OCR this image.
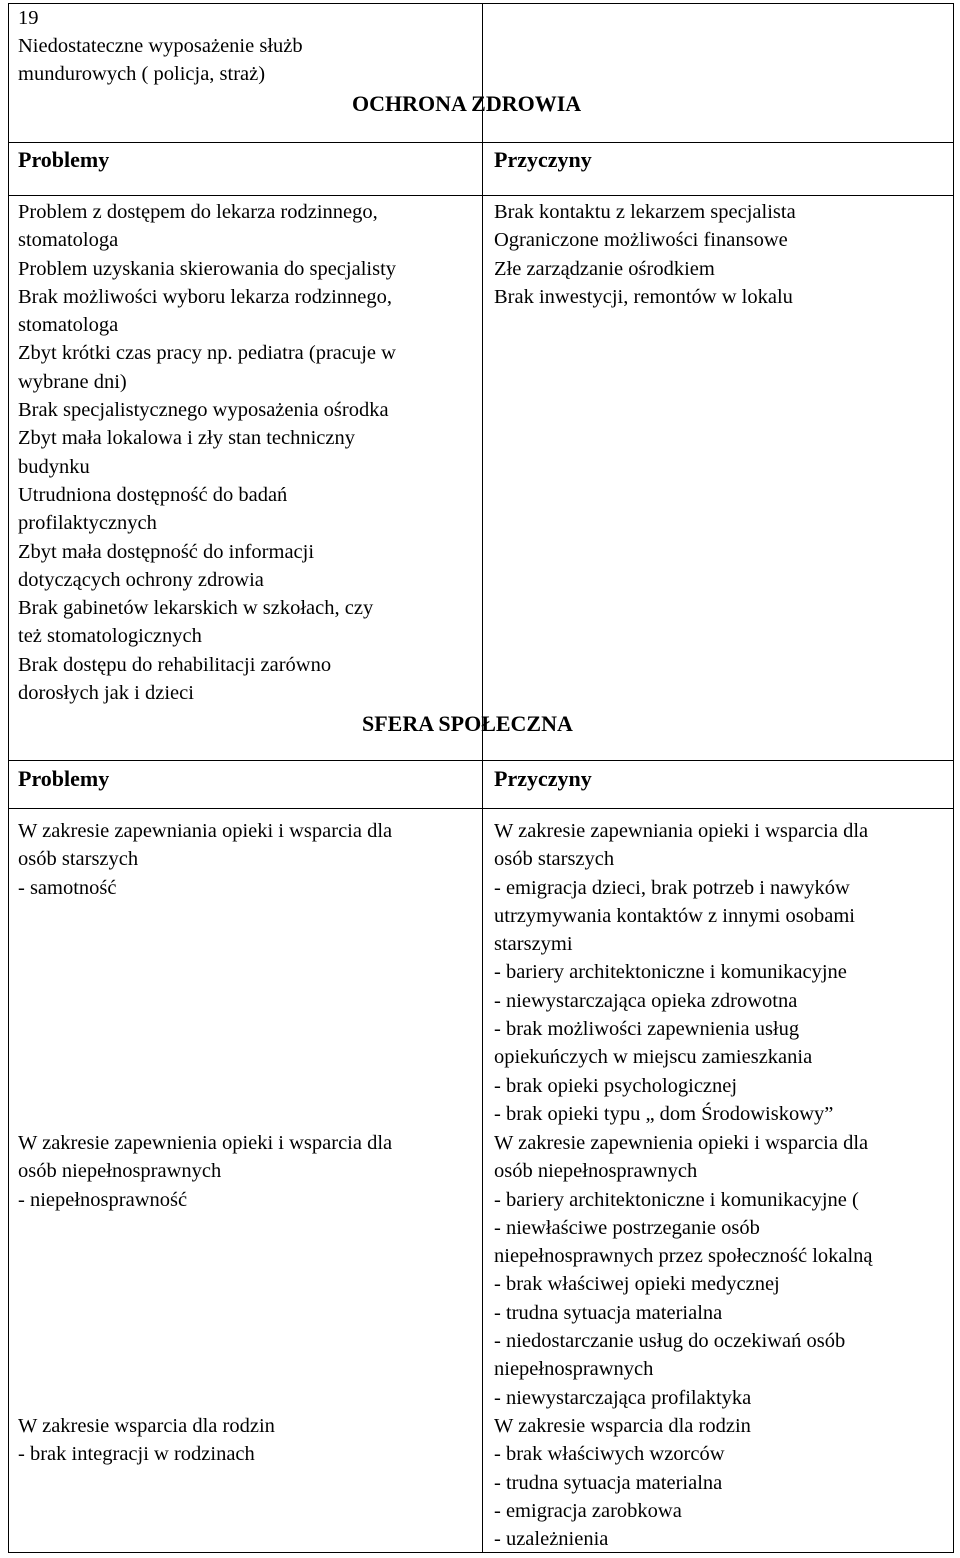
19
Niedostateczne wyposażenie służb
mundurowych ( policja, straż)
OCHRONA ZDROWIA
Problemy	Przyczyny
Problem z dostępem do lekarza rodzinnego,
stomatologa
Problem uzyskania skierowania do specjalisty
Brak możliwości wyboru lekarza rodzinnego,
stomatologa
Zbyt krótki czas pracy np. pediatra (pracuje w
wybrane dni)
Brak specjalistycznego wyposażenia ośrodka
Zbyt mała lokalowa i zły stan techniczny
budynku
Utrudniona dostępność do badań
profilaktycznych
Zbyt mała dostępność do informacji
dotyczących ochrony zdrowia
Brak gabinetów lekarskich w szkołach, czy
też stomatologicznych
Brak dostępu do rehabilitacji zarówno
dorosłych jak i dzieci
Brak kontaktu z lekarzem specjalista
Ograniczone możliwości finansowe
Złe zarządzanie ośrodkiem
Brak inwestycji, remontów w lokalu
SFERA SPOŁECZNA
Problemy	Przyczyny
W zakresie zapewniania opieki i wsparcia dla
osób starszych
- samotność
W zakresie zapewniania opieki i wsparcia dla
osób starszych
- emigracja dzieci, brak potrzeb i nawyków
utrzymywania kontaktów z innymi osobami
starszymi
- bariery architektoniczne i komunikacyjne
- niewystarczająca opieka zdrowotna
- brak możliwości zapewnienia usług
opiekuńczych w miejscu zamieszkania
- brak opieki psychologicznej
- brak opieki typu „ dom Środowiskowy”
W zakresie zapewnienia opieki i wsparcia dla
osób niepełnosprawnych
- niepełnosprawność
W zakresie zapewnienia opieki i wsparcia dla
osób niepełnosprawnych
- bariery architektoniczne i komunikacyjne (
- niewłaściwe postrzeganie osób
niepełnosprawnych przez społeczność lokalną
- brak właściwej opieki medycznej
- trudna sytuacja materialna
- niedostarczanie usług do oczekiwań osób
niepełnosprawnych
- niewystarczająca profilaktyka
W zakresie wsparcia dla rodzin
- brak integracji w rodzinach
W zakresie wsparcia dla rodzin
- brak właściwych wzorców
- trudna sytuacja materialna
- emigracja zarobkowa
- uzależnienia
